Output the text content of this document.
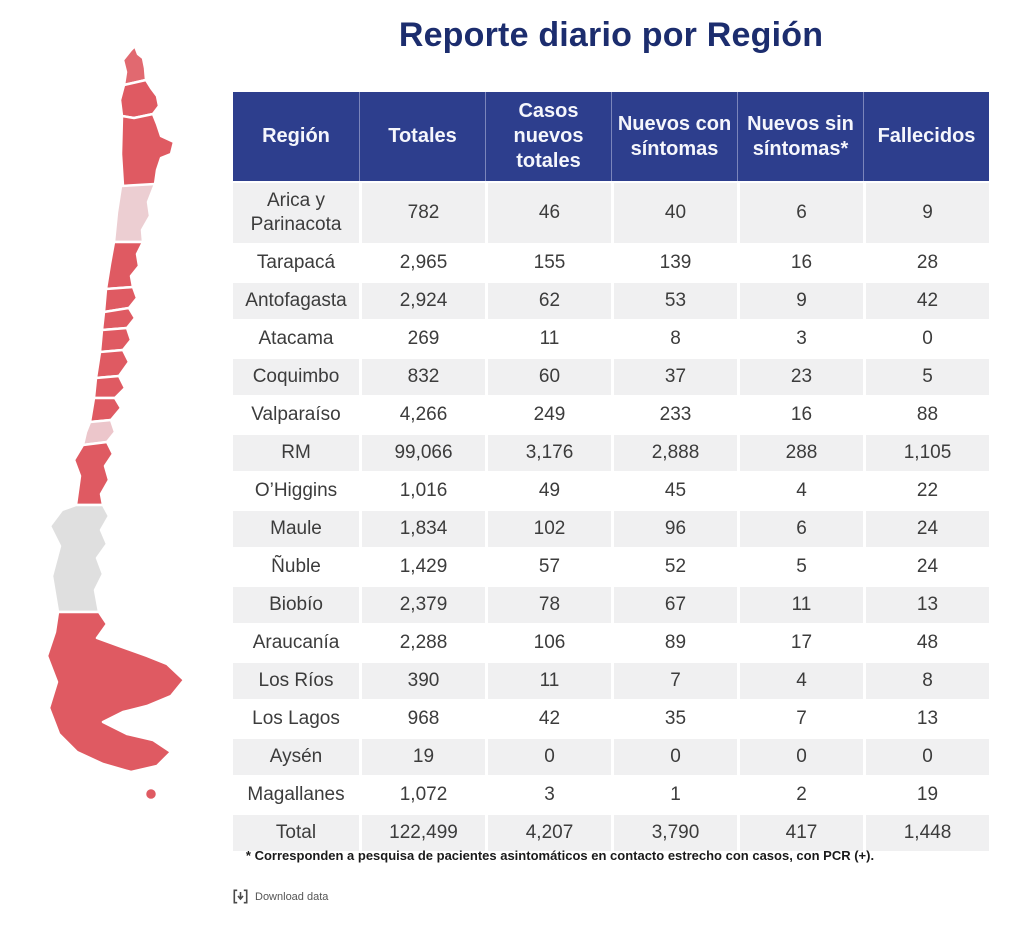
Reporte diario por Región
Región	Totales	Casos nuevos totales	Nuevos con síntomas	Nuevos sin síntomas*	Fallecidos
Arica y Parinacota	782	46	40	6	9
Tarapacá	2,965	155	139	16	28
Antofagasta	2,924	62	53	9	42
Atacama	269	11	8	3	0
Coquimbo	832	60	37	23	5
Valparaíso	4,266	249	233	16	88
RM	99,066	3,176	2,888	288	1,105
O’Higgins	1,016	49	45	4	22
Maule	1,834	102	96	6	24
Ñuble	1,429	57	52	5	24
Biobío	2,379	78	67	11	13
Araucanía	2,288	106	89	17	48
Los Ríos	390	11	7	4	8
Los Lagos	968	42	35	7	13
Aysén	19	0	0	0	0
Magallanes	1,072	3	1	2	19
Total	122,499	4,207	3,790	417	1,448
* Corresponden a pesquisa de pacientes asintomáticos en contacto estrecho con casos, con PCR (+).
Download data
